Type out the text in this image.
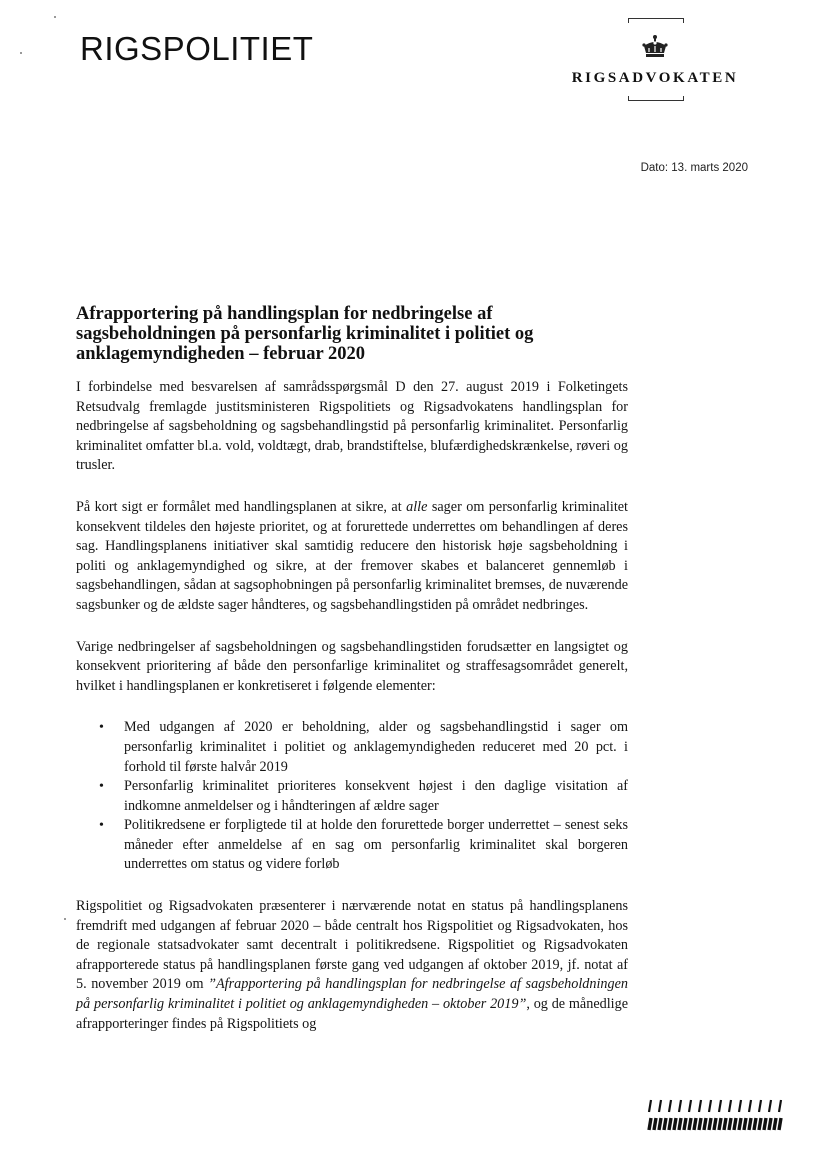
RIGSPOLITIET
RIGSADVOKATEN
Dato: 13. marts 2020
Afrapportering på handlingsplan for nedbringelse af sagsbeholdningen på personfarlig kriminalitet i politiet og anklagemyndigheden – februar 2020

I forbindelse med besvarelsen af samrådsspørgsmål D den 27. august 2019 i Folketingets Retsudvalg fremlagde justitsministeren Rigspolitiets og Rigsadvokatens handlingsplan for nedbringelse af sagsbeholdning og sagsbehandlingstid på personfarlig kriminalitet. Personfarlig kriminalitet omfatter bl.a. vold, voldtægt, drab, brandstiftelse, blufærdighedskrænkelse, røveri og trusler.

På kort sigt er formålet med handlingsplanen at sikre, at alle sager om personfarlig kriminalitet konsekvent tildeles den højeste prioritet, og at forurettede underrettes om behandlingen af deres sag. Handlingsplanens initiativer skal samtidig reducere den historisk høje sagsbeholdning i politi og anklagemyndighed og sikre, at der fremover skabes et balanceret gennemløb i sagsbehandlingen, sådan at sagsophobningen på personfarlig kriminalitet bremses, de nuværende sagsbunker og de ældste sager håndteres, og sagsbehandlingstiden på området nedbringes.

Varige nedbringelser af sagsbeholdningen og sagsbehandlingstiden forudsætter en langsigtet og konsekvent prioritering af både den personfarlige kriminalitet og straffesagsområdet generelt, hvilket i handlingsplanen er konkretiseret i følgende elementer:

• Med udgangen af 2020 er beholdning, alder og sagsbehandlingstid i sager om personfarlig kriminalitet i politiet og anklagemyndigheden reduceret med 20 pct. i forhold til første halvår 2019
• Personfarlig kriminalitet prioriteres konsekvent højest i den daglige visitation af indkomne anmeldelser og i håndteringen af ældre sager
• Politikredsene er forpligtede til at holde den forurettede borger underrettet – senest seks måneder efter anmeldelse af en sag om personfarlig kriminalitet skal borgeren underrettes om status og videre forløb

Rigspolitiet og Rigsadvokaten præsenterer i nærværende notat en status på handlingsplanens fremdrift med udgangen af februar 2020 – både centralt hos Rigspolitiet og Rigsadvokaten, hos de regionale statsadvokater samt decentralt i politikredsene. Rigspolitiet og Rigsadvokaten afrapporterede status på handlingsplanen første gang ved udgangen af oktober 2019, jf. notat af 5. november 2019 om ”Afrapportering på handlingsplan for nedbringelse af sagsbeholdningen på personfarlig kriminalitet i politiet og anklagemyndigheden – oktober 2019”, og de månedlige afrapporteringer findes på Rigspolitiets og
